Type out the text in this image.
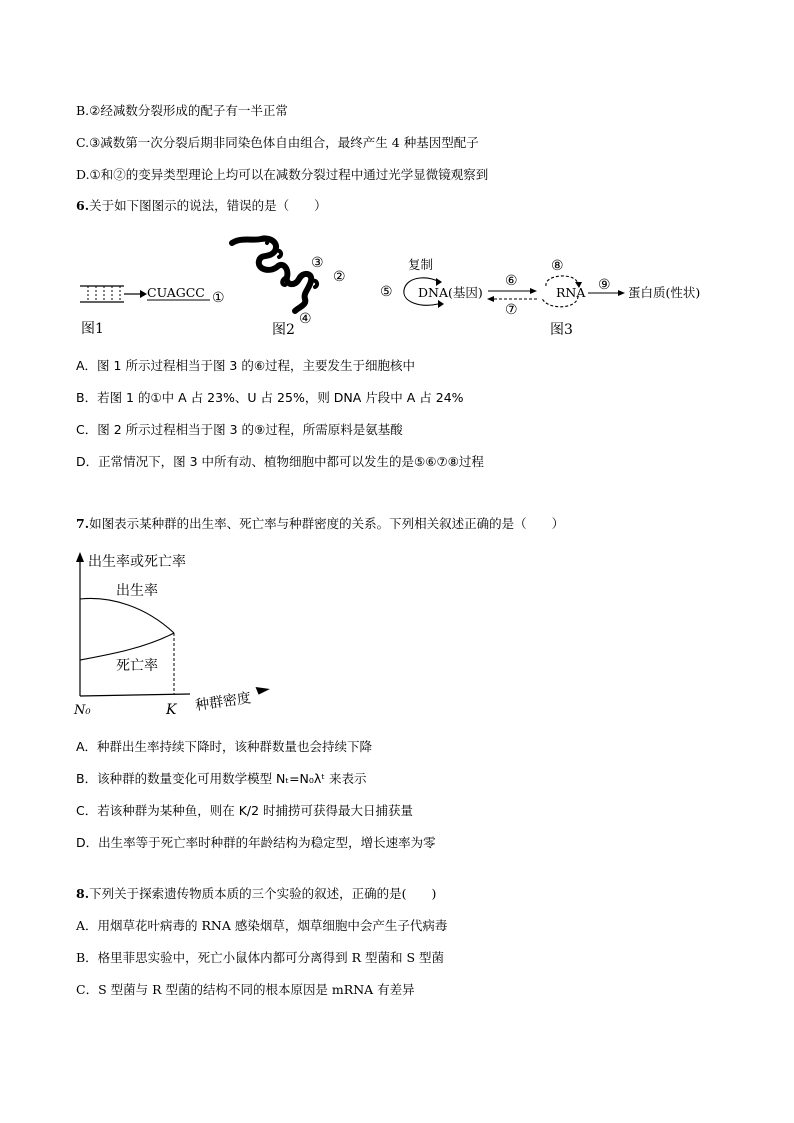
B.②经减数分裂形成的配子有一半正常
C.③减数第一次分裂后期非同染色体自由组合，最终产生 4 种基因型配子
D.①和②的变异类型理论上均可以在减数分裂过程中通过光学显微镜观察到
6.关于如下图图示的说法，错误的是（　　）
CUAGCC ①
图1
③
②
④
图2
复制
⑤ DNA(基因)
⑥
⑦
⑧
RNA ⑨ 蛋白质(性状)
图3
A．图 1 所示过程相当于图 3 的⑥过程，主要发生于细胞核中
B．若图 1 的①中 A 占 23%、U 占 25%，则 DNA 片段中 A 占 24%
C．图 2 所示过程相当于图 3 的⑨过程，所需原料是氨基酸
D．正常情况下，图 3 中所有动、植物细胞中都可以发生的是⑤⑥⑦⑧过程
7.如图表示某种群的出生率、死亡率与种群密度的关系。下列相关叙述正确的是（　　）
出生率或死亡率
出生率
死亡率
N₀	K 种群密度
A．种群出生率持续下降时，该种群数量也会持续下降
B．该种群的数量变化可用数学模型 Nₜ=N₀λᵗ 来表示
C．若该种群为某种鱼，则在 K/2 时捕捞可获得最大日捕获量
D．出生率等于死亡率时种群的年龄结构为稳定型，增长速率为零
8.下列关于探索遗传物质本质的三个实验的叙述，正确的是(　　)
A．用烟草花叶病毒的 RNA 感染烟草，烟草细胞中会产生子代病毒
B．格里菲思实验中，死亡小鼠体内都可分离得到 R 型菌和 S 型菌
C．S 型菌与 R 型菌的结构不同的根本原因是 mRNA 有差异
